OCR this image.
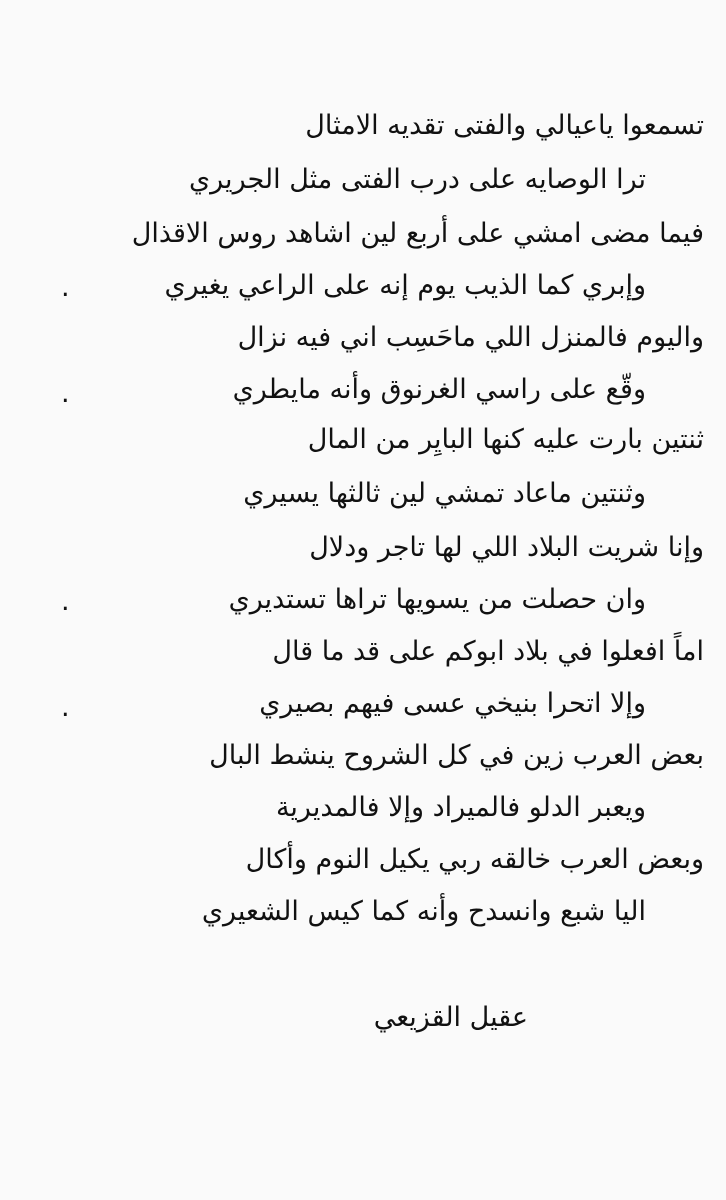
تسمعوا ياعيالي والفتى تقديه الامثال
ترا الوصايه على درب الفتى مثل الجريري
فيما مضى امشي على أربع لين اشاهد روس الاقذال
وإبري كما الذيب يوم إنه على الراعي يغيري
.
واليوم فالمنزل اللي ماحَسِب اني فيه نزال
وقّع على راسي الغرنوق وأنه مايطري
.
ثنتين بارت عليه كنها البايِر من المال
وثنتين ماعاد تمشي لين ثالثها يسيري
وإنا شريت البلاد اللي لها تاجر ودلال
وان حصلت من يسويها تراها تستديري
.
اماً افعلوا في بلاد ابوكم على قد ما قال
وإلا اتحرا بنيخي عسى فيهم بصيري
.
بعض العرب زين في كل الشروح ينشط البال
ويعبر الدلو فالميراد وإلا فالمديرية
وبعض العرب خالقه ربي يكيل النوم وأكال
اليا شبع وانسدح وأنه كما كيس الشعيري
عقيل القزيعي
